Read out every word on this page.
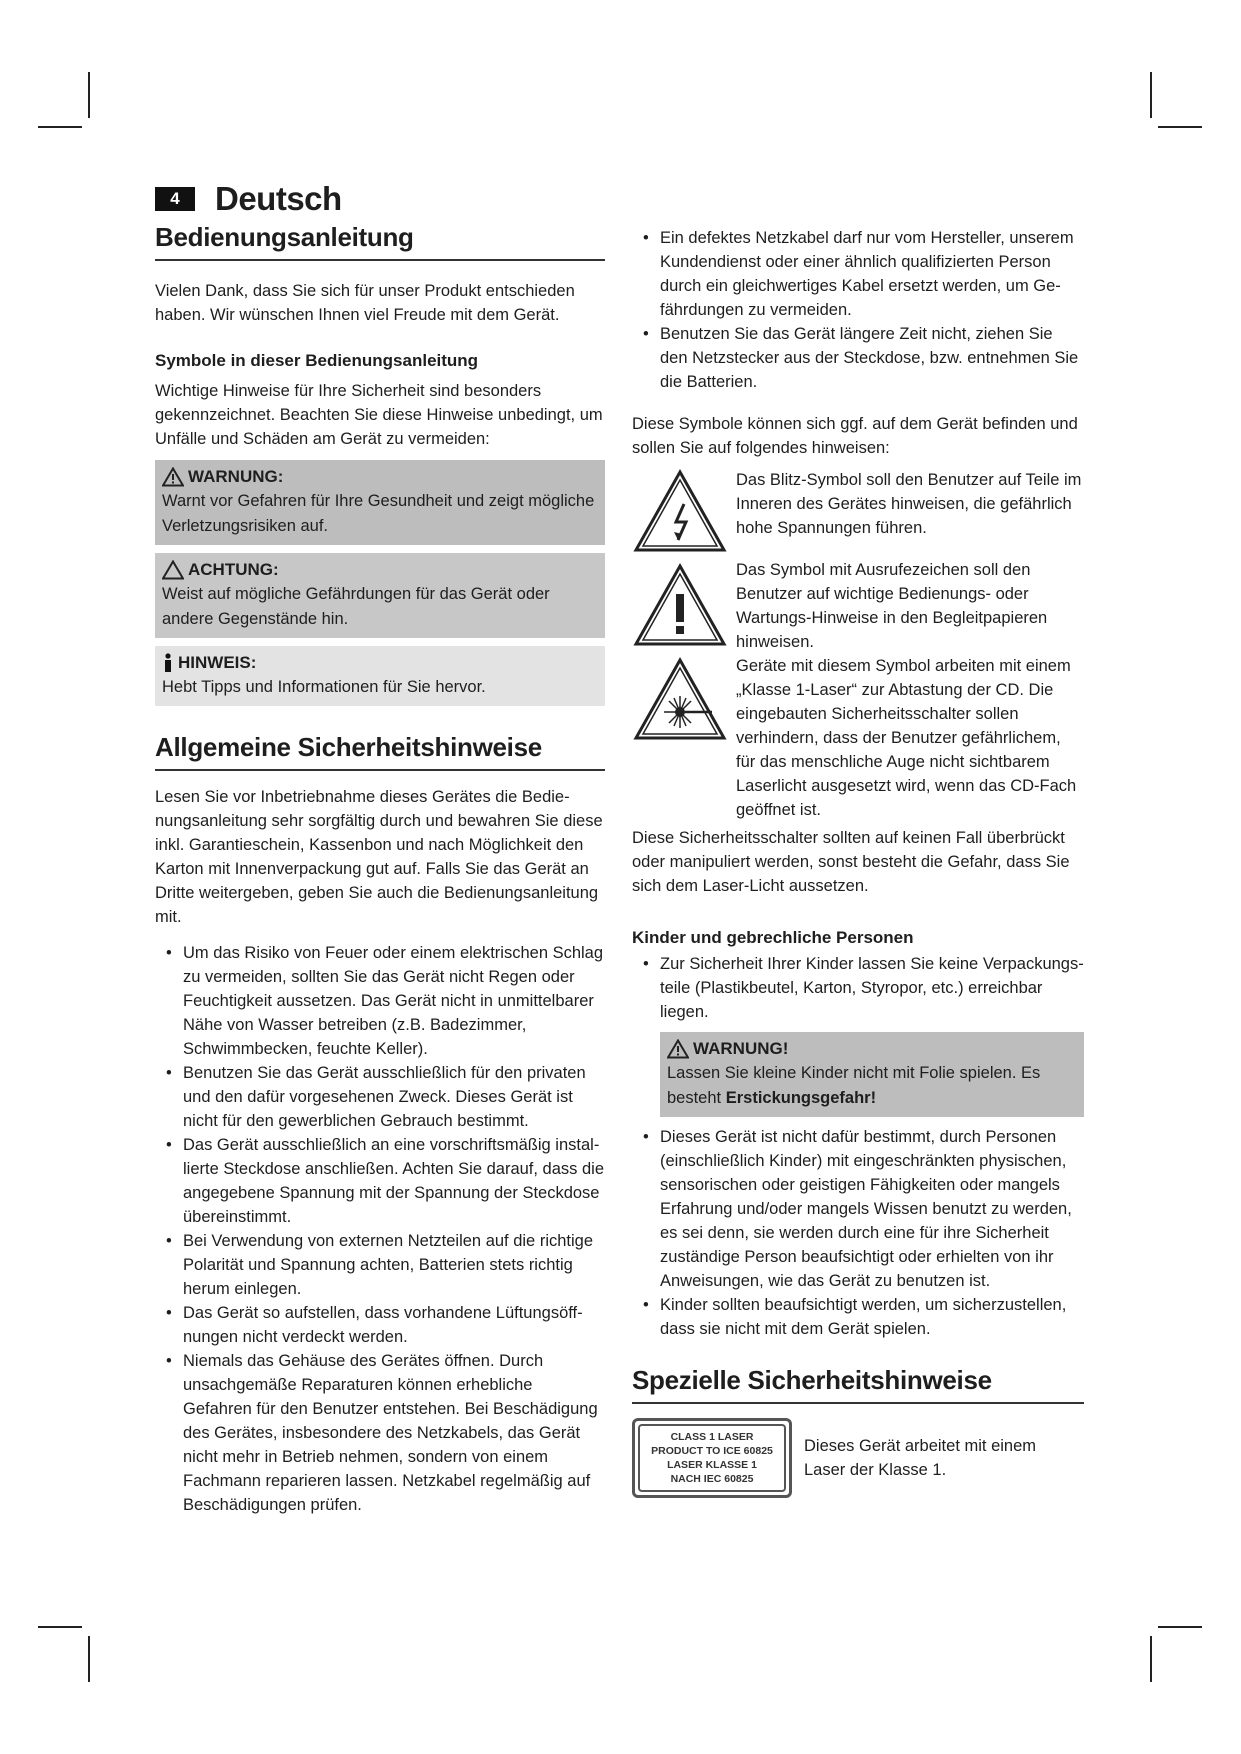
4	Deutsch
Bedienungsanleitung

Vielen Dank, dass Sie sich für unser Produkt entschieden haben. Wir wünschen Ihnen viel Freude mit dem Gerät.

Symbole in dieser Bedienungsanleitung

Wichtige Hinweise für Ihre Sicherheit sind besonders gekennzeichnet. Beachten Sie diese Hinweise unbedingt, um Unfälle und Schäden am Gerät zu vermeiden:

WARNUNG:
Warnt vor Gefahren für Ihre Gesundheit und zeigt mögliche Verletzungsrisiken auf.
ACHTUNG:
Weist auf mögliche Gefährdungen für das Gerät oder andere Gegenstände hin.
HINWEIS:
Hebt Tipps und Informationen für Sie hervor.
Allgemeine Sicherheitshinweise

Lesen Sie vor Inbetriebnahme dieses Gerätes die Bedienungsanleitung sehr sorgfältig durch und bewahren Sie diese inkl. Garantieschein, Kassenbon und nach Möglichkeit den Karton mit Innenverpackung gut auf. Falls Sie das Gerät an Dritte weitergeben, geben Sie auch die Bedienungsanleitung mit.

• Um das Risiko von Feuer oder einem elektrischen Schlag zu vermeiden, sollten Sie das Gerät nicht Regen oder Feuchtigkeit aussetzen. Das Gerät nicht in unmittelbarer Nähe von Wasser betreiben (z.B. Badezimmer, Schwimmbecken, feuchte Keller).
• Benutzen Sie das Gerät ausschließlich für den privaten und den dafür vorgesehenen Zweck. Dieses Gerät ist nicht für den gewerblichen Gebrauch bestimmt.
• Das Gerät ausschließlich an eine vorschriftsmäßig installierte Steckdose anschließen. Achten Sie darauf, dass die angegebene Spannung mit der Spannung der Steckdose übereinstimmt.
• Bei Verwendung von externen Netzteilen auf die richtige Polarität und Spannung achten, Batterien stets richtig herum einlegen.
• Das Gerät so aufstellen, dass vorhandene Lüftungsöffnungen nicht verdeckt werden.
• Niemals das Gehäuse des Gerätes öffnen. Durch unsachgemäße Reparaturen können erhebliche Gefahren für den Benutzer entstehen. Bei Beschädigung des Gerätes, insbesondere des Netzkabels, das Gerät nicht mehr in Betrieb nehmen, sondern von einem Fachmann reparieren lassen. Netzkabel regelmäßig auf Beschädigungen prüfen.
• Ein defektes Netzkabel darf nur vom Hersteller, unserem Kundendienst oder einer ähnlich qualifizierten Person durch ein gleichwertiges Kabel ersetzt werden, um Gefährdungen zu vermeiden.
• Benutzen Sie das Gerät längere Zeit nicht, ziehen Sie den Netzstecker aus der Steckdose, bzw. entnehmen Sie die Batterien.

Diese Symbole können sich ggf. auf dem Gerät befinden und sollen Sie auf folgendes hinweisen:

Das Blitz-Symbol soll den Benutzer auf Teile im Inneren des Gerätes hinweisen, die gefährlich hohe Spannungen führen.
Das Symbol mit Ausrufezeichen soll den Benutzer auf wichtige Bedienungs- oder Wartungs-Hinweise in den Begleitpapieren hinweisen.
Geräte mit diesem Symbol arbeiten mit einem „Klasse 1-Laser“ zur Abtastung der CD. Die eingebauten Sicherheitsschalter sollen verhindern, dass der Benutzer gefährlichem, für das menschliche Auge nicht sichtbarem Laserlicht ausgesetzt wird, wenn das CD-Fach geöffnet ist.

Diese Sicherheitsschalter sollten auf keinen Fall überbrückt oder manipuliert werden, sonst besteht die Gefahr, dass Sie sich dem Laser-Licht aussetzen.

Kinder und gebrechliche Personen
• Zur Sicherheit Ihrer Kinder lassen Sie keine Verpackungsteile (Plastikbeutel, Karton, Styropor, etc.) erreichbar liegen.
WARNUNG!
Lassen Sie kleine Kinder nicht mit Folie spielen. Es besteht Erstickungsgefahr!
• Dieses Gerät ist nicht dafür bestimmt, durch Personen (einschließlich Kinder) mit eingeschränkten physischen, sensorischen oder geistigen Fähigkeiten oder mangels Erfahrung und/oder mangels Wissen benutzt zu werden, es sei denn, sie werden durch eine für ihre Sicherheit zuständige Person beaufsichtigt oder erhielten von ihr Anweisungen, wie das Gerät zu benutzen ist.
• Kinder sollten beaufsichtigt werden, um sicherzustellen, dass sie nicht mit dem Gerät spielen.
Spezielle Sicherheitshinweise
CLASS 1 LASER
PRODUCT TO ICE 60825
LASER KLASSE 1
NACH IEC 60825
Dieses Gerät arbeitet mit einem Laser der Klasse 1.
